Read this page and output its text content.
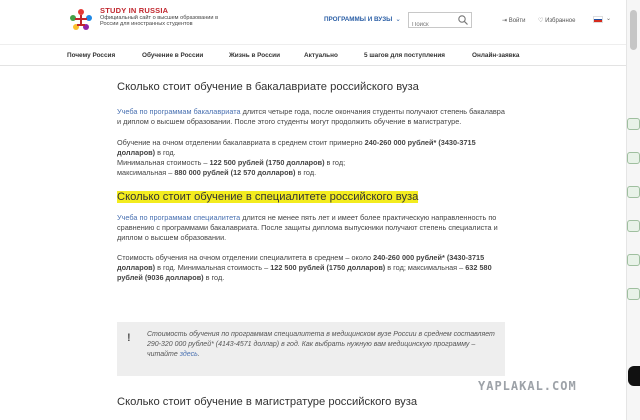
STUDY IN RUSSIA
Официальный сайт о высшем образовании в России для иностранных студентов
ПРОГРАММЫ И ВУЗЫ ⌄
Поиск	⇥ Войти ♡ Избранное	⌄
Почему Россия	Обучение в России	Жизнь в России	Актуально	5 шагов для поступления	Онлайн-заявка
Сколько стоит обучение в бакалавриате российского вуза

Учеба по программам бакалавриата длится четыре года, после окончания студенты получают степень бакалавра и диплом о высшем образовании. После этого студенты могут продолжить обучение в магистратуре.

Обучение на очном отделении бакалавриата в среднем стоит примерно 240-260 000 рублей* (3430-3715 долларов) в год.

Минимальная стоимость – 122 500 рублей (1750 долларов) в год;

максимальная – 880 000 рублей (12 570 долларов) в год.

Сколько стоит обучение в специалитете российского вуза

Учеба по программам специалитета длится не менее пять лет и имеет более практическую направленность по сравнению с программами бакалавриата. После защиты диплома выпускники получают степень специалиста и диплом о высшем образовании.

Стоимость обучения на очном отделении специалитета в среднем – около 240-260 000 рублей* (3430-3715 долларов) в год. Минимальная стоимость – 122 500 рублей (1750 долларов) в год; максимальная – 632 580 рублей (9036 долларов) в год.

! Стоимость обучения по программам специалитета в медицинском вузе России в среднем составляет 290-320 000 рублей* (4143-4571 доллар) в год. Как выбрать нужную вам медицинскую программу – читайте здесь.

YAPLAKAL.COM
Сколько стоит обучение в магистратуре российского вуза
